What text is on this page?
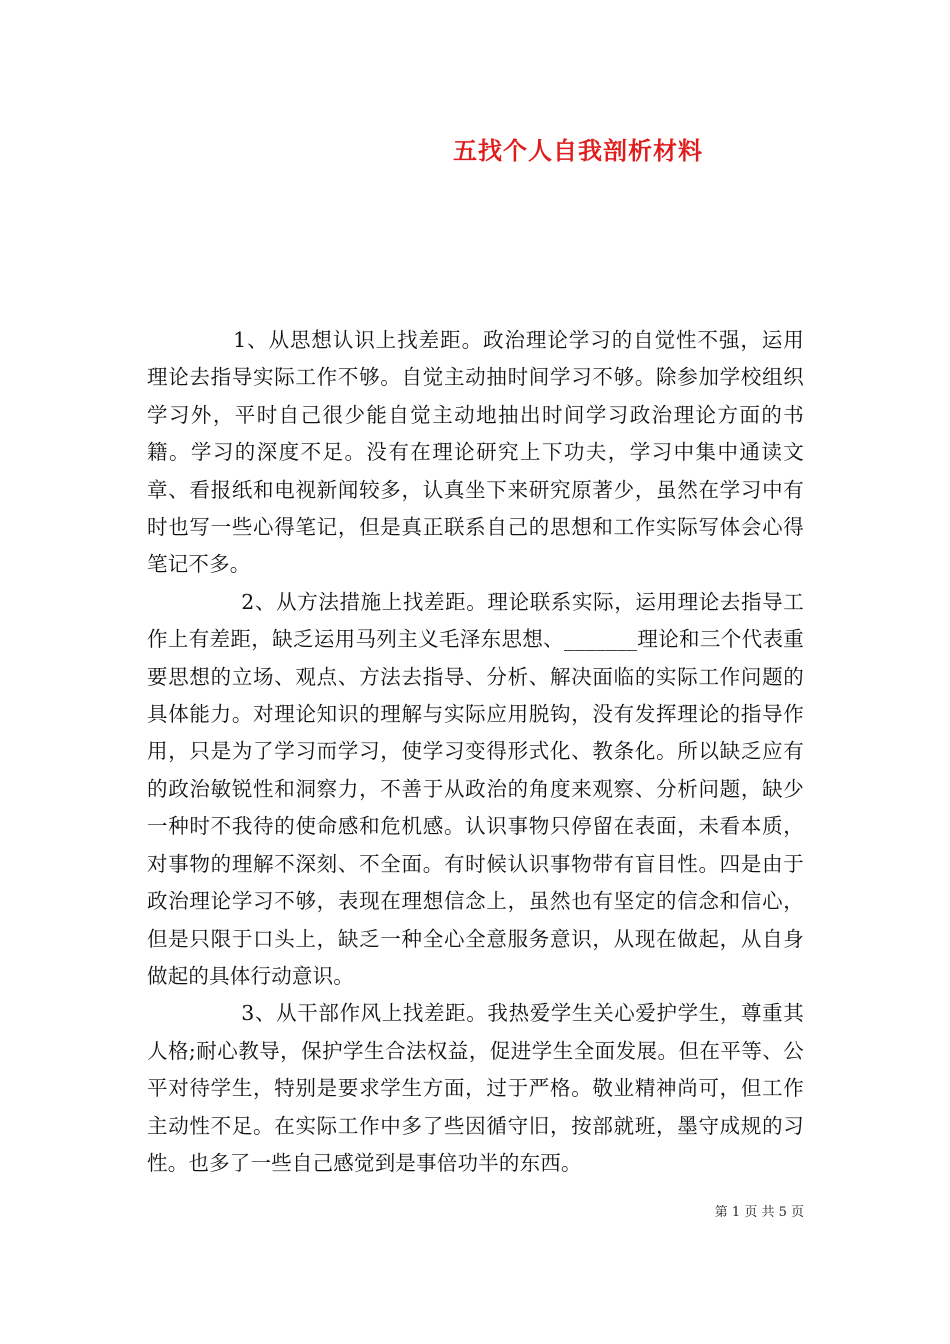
五找个人自我剖析材料

1、从思想认识上找差距。政治理论学习的自觉性不强，运用理论去指导实际工作不够。自觉主动抽时间学习不够。除参加学校组织学习外，平时自己很少能自觉主动地抽出时间学习政治理论方面的书籍。学习的深度不足。没有在理论研究上下功夫，学习中集中通读文章、看报纸和电视新闻较多，认真坐下来研究原著少，虽然在学习中有时也写一些心得笔记，但是真正联系自己的思想和工作实际写体会心得笔记不多。

2、从方法措施上找差距。理论联系实际，运用理论去指导工作上有差距，缺乏运用马列主义毛泽东思想、_______理论和三个代表重要思想的立场、观点、方法去指导、分析、解决面临的实际工作问题的具体能力。对理论知识的理解与实际应用脱钩，没有发挥理论的指导作用，只是为了学习而学习，使学习变得形式化、教条化。所以缺乏应有的政治敏锐性和洞察力，不善于从政治的角度来观察、分析问题，缺少一种时不我待的使命感和危机感。认识事物只停留在表面，未看本质，对事物的理解不深刻、不全面。有时候认识事物带有盲目性。四是由于政治理论学习不够，表现在理想信念上，虽然也有坚定的信念和信心，但是只限于口头上，缺乏一种全心全意服务意识，从现在做起，从自身做起的具体行动意识。

3、从干部作风上找差距。我热爱学生关心爱护学生，尊重其人格;耐心教导，保护学生合法权益，促进学生全面发展。但在平等、公平对待学生，特别是要求学生方面，过于严格。敬业精神尚可，但工作主动性不足。在实际工作中多了些因循守旧，按部就班，墨守成规的习性。也多了一些自己感觉到是事倍功半的东西。

第 1 页 共 5 页
